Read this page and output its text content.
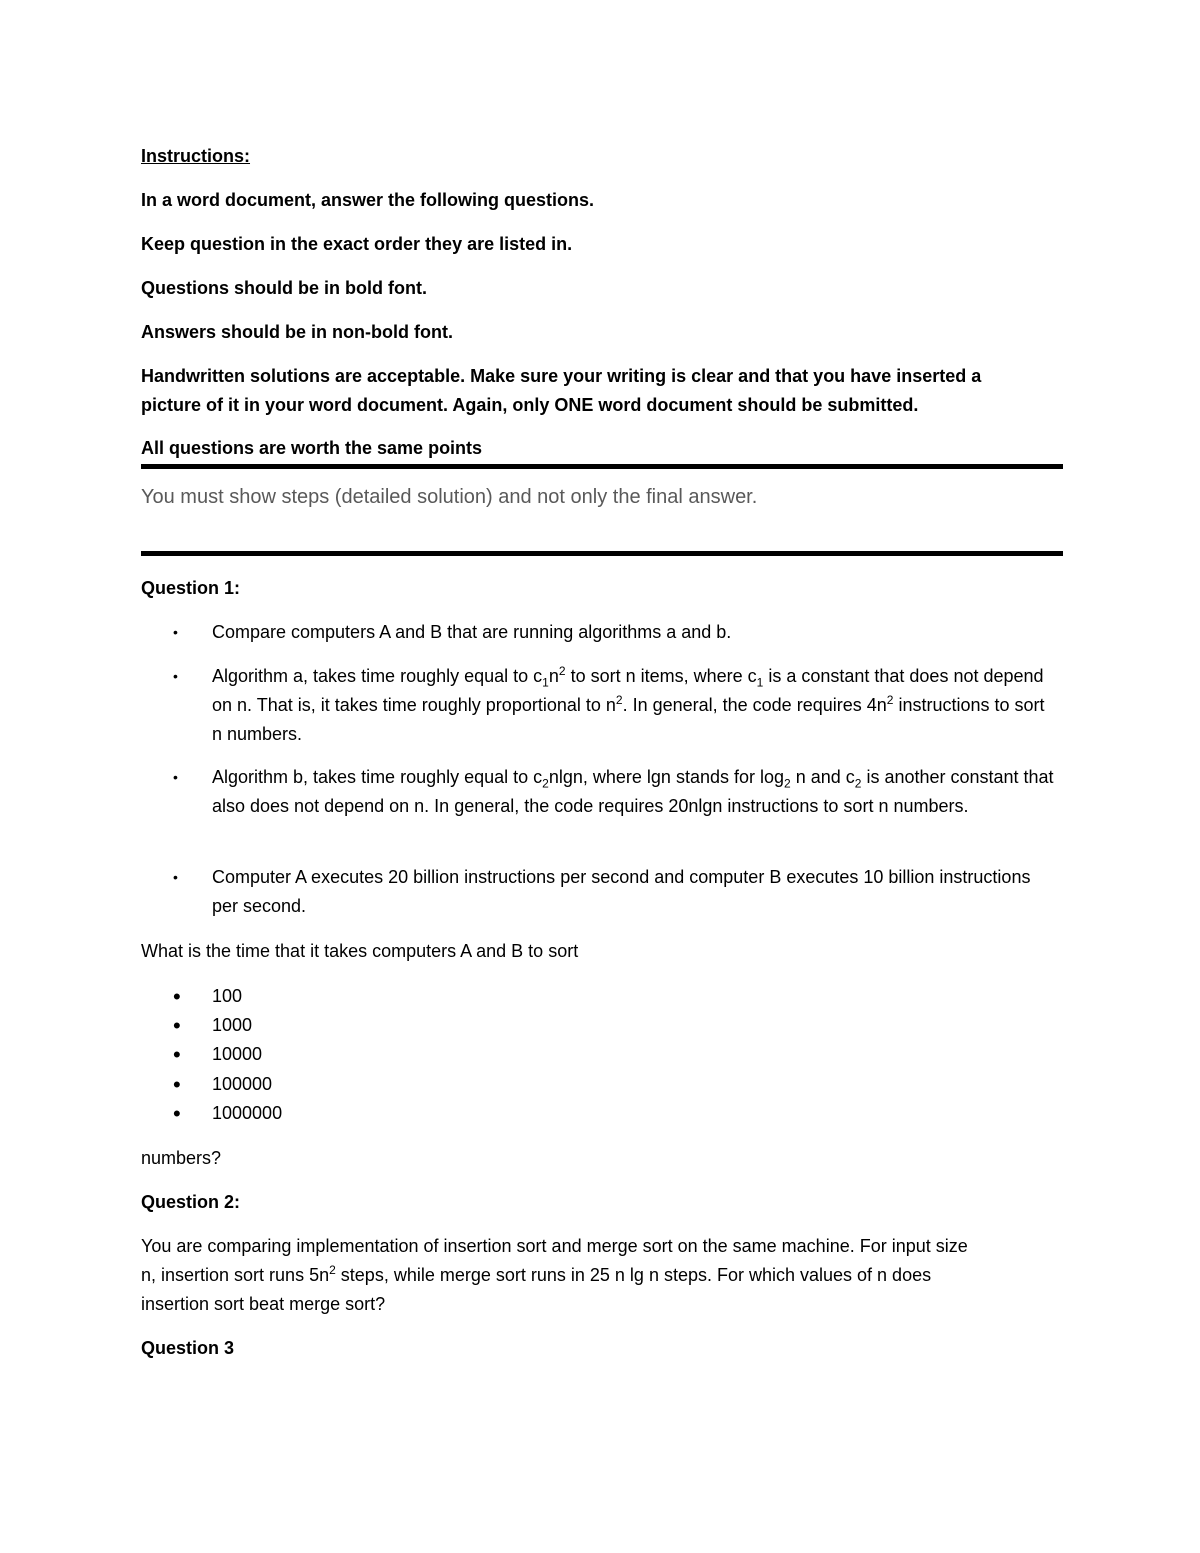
Instructions:

In a word document, answer the following questions.

Keep question in the exact order they are listed in.

Questions should be in bold font.

Answers should be in non-bold font.

Handwritten solutions are acceptable. Make sure your writing is clear and that you have inserted a

picture of it in your word document. Again, only ONE word document should be submitted.

All questions are worth the same points

You must show steps (detailed solution) and not only the final answer.

Question 1:

• Compare computers A and B that are running algorithms a and b.
• Algorithm a, takes time roughly equal to $c_1n^2$ to sort n items, where $c_1$ is a constant that does not depend on n. That is, it takes time roughly proportional to $n^2$. In general, the code requires $4n^2$ instructions to sort n numbers.
• Algorithm b, takes time roughly equal to $c_2nlgn$, where lgn stands for $\log_2 n$ and $c_2$ is another constant that also does not depend on n. In general, the code requires 20nlgn instructions to sort n numbers.
• Computer A executes 20 billion instructions per second and computer B executes 10 billion instructions per second.

What is the time that it takes computers A and B to sort

• 100
• 1000
• 10000
• 100000
• 1000000

numbers?

Question 2:

You are comparing implementation of insertion sort and merge sort on the same machine. For input size

n, insertion sort runs $5n^2$ steps, while merge sort runs in 25 n lg n steps. For which values of n does

insertion sort beat merge sort?

Question 3
